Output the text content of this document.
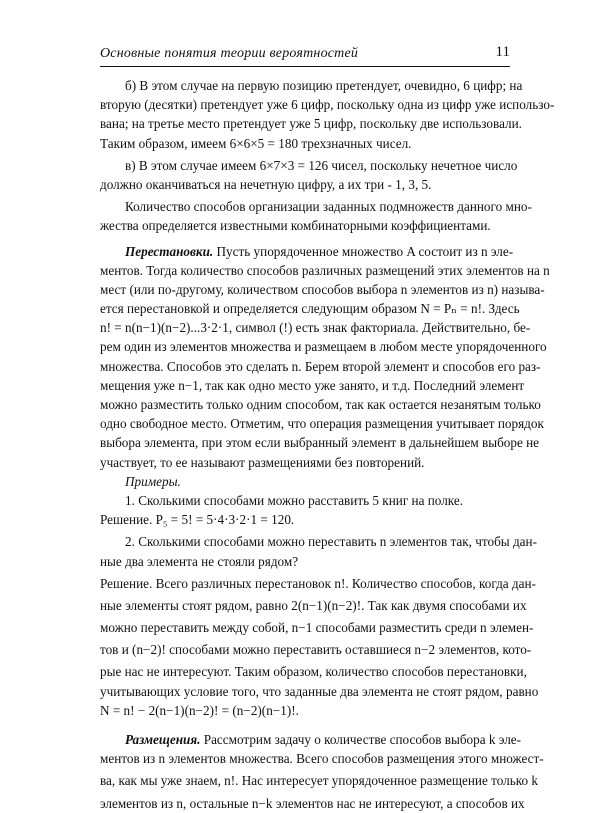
Основные понятия теории вероятностей	11
б) В этом случае на первую позицию претендует, очевидно, 6 цифр; на
вторую (десятки) претендует уже 6 цифр, поскольку одна из цифр уже использо-
вана; на третье место претендует уже 5 цифр, поскольку две использовали.
Таким образом, имеем 6×6×5 = 180 трехзначных чисел.
в) В этом случае имеем 6×7×3 = 126 чисел, поскольку нечетное число
должно оканчиваться на нечетную цифру, а их три - 1, 3, 5.
Количество способов организации заданных подмножеств данного мно-
жества определяется известными комбинаторными коэффициентами.
Перестановки. Пусть упорядоченное множество A состоит из n эле-
ментов. Тогда количество способов различных размещений этих элементов на n
мест (или по-другому, количеством способов выбора n элементов из n) называ-
ется перестановкой и определяется следующим образом N = Pₙ = n!. Здесь
n! = n(n−1)(n−2)...3·2·1, символ (!) есть знак факториала. Действительно, бе-
рем один из элементов множества и размещаем в любом месте упорядоченного
множества. Способов это сделать n. Берем второй элемент и способов его раз-
мещения уже n−1, так как одно место уже занято, и т.д. Последний элемент
можно разместить только одним способом, так как остается незанятым только
одно свободное место. Отметим, что операция размещения учитывает порядок
выбора элемента, при этом если выбранный элемент в дальнейшем выборе не
участвует, то ее называют размещениями без повторений.
Примеры.
1. Сколькими способами можно расставить 5 книг на полке.
Решение. P₅ = 5! = 5·4·3·2·1 = 120.
2. Сколькими способами можно переставить n элементов так, чтобы дан-
ные два элемента не стояли рядом?
Решение. Всего различных перестановок n!. Количество способов, когда дан-
ные элементы стоят рядом, равно 2(n−1)(n−2)!. Так как двумя способами их
можно переставить между собой, n−1 способами разместить среди n элемен-
тов и (n−2)! способами можно переставить оставшиеся n−2 элементов, кото-
рые нас не интересуют. Таким образом, количество способов перестановки,
учитывающих условие того, что заданные два элемента не стоят рядом, равно
N = n! − 2(n−1)(n−2)! = (n−2)(n−1)!.
Размещения. Рассмотрим задачу о количестве способов выбора k эле-
ментов из n элементов множества. Всего способов размещения этого множест-
ва, как мы уже знаем, n!. Нас интересует упорядоченное размещение только k
элементов из n, остальные n−k элементов нас не интересуют, а способов их
